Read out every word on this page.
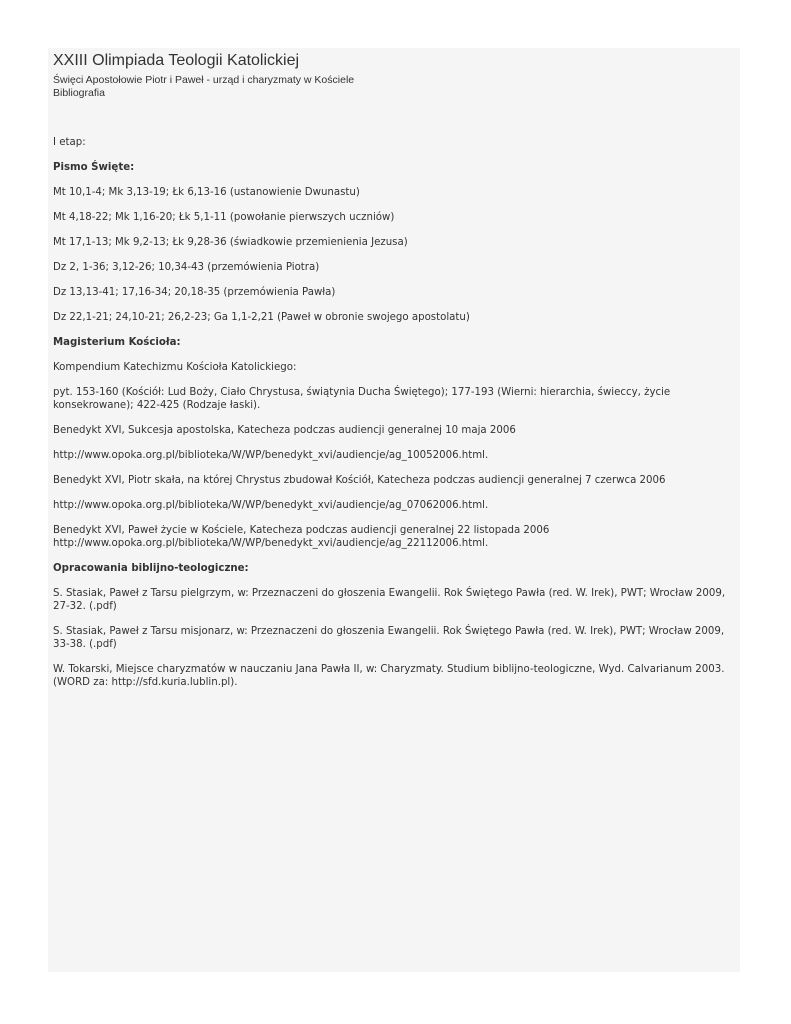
XXIII Olimpiada Teologii Katolickiej
Święci Apostołowie Piotr i Paweł - urząd i charyzmaty w Kościele
Bibliografia

I etap:

Pismo Święte:

Mt 10,1-4; Mk 3,13-19; Łk 6,13-16 (ustanowienie Dwunastu)

Mt 4,18-22; Mk 1,16-20; Łk 5,1-11 (powołanie pierwszych uczniów)

Mt 17,1-13; Mk 9,2-13; Łk 9,28-36 (świadkowie przemienienia Jezusa)

Dz 2, 1-36; 3,12-26; 10,34-43 (przemówienia Piotra)

Dz 13,13-41; 17,16-34; 20,18-35 (przemówienia Pawła)

Dz 22,1-21; 24,10-21; 26,2-23; Ga 1,1-2,21 (Paweł w obronie swojego apostolatu)

Magisterium Kościoła:

Kompendium Katechizmu Kościoła Katolickiego:

pyt. 153-160 (Kościół: Lud Boży, Ciało Chrystusa, świątynia Ducha Świętego); 177-193 (Wierni: hierarchia, świeccy, życie konsekrowane); 422-425 (Rodzaje łaski).

Benedykt XVI, Sukcesja apostolska, Katecheza podczas audiencji generalnej 10 maja 2006

http://www.opoka.org.pl/biblioteka/W/WP/benedykt_xvi/audiencje/ag_10052006.html.

Benedykt XVI, Piotr skała, na której Chrystus zbudował Kościół, Katecheza podczas audiencji generalnej 7 czerwca 2006

http://www.opoka.org.pl/biblioteka/W/WP/benedykt_xvi/audiencje/ag_07062006.html.

Benedykt XVI, Paweł życie w Kościele, Katecheza podczas audiencji generalnej 22 listopada 2006
http://www.opoka.org.pl/biblioteka/W/WP/benedykt_xvi/audiencje/ag_22112006.html.

Opracowania biblijno-teologiczne:

S. Stasiak, Paweł z Tarsu pielgrzym, w: Przeznaczeni do głoszenia Ewangelii. Rok Świętego Pawła (red. W. Irek), PWT; Wrocław 2009, 27-32. (.pdf)

S. Stasiak, Paweł z Tarsu misjonarz, w: Przeznaczeni do głoszenia Ewangelii. Rok Świętego Pawła (red. W. Irek), PWT; Wrocław 2009, 33-38. (.pdf)

W. Tokarski, Miejsce charyzmatów w nauczaniu Jana Pawła II, w: Charyzmaty. Studium biblijno-teologiczne, Wyd. Calvarianum 2003. (WORD za: http://sfd.kuria.lublin.pl).
